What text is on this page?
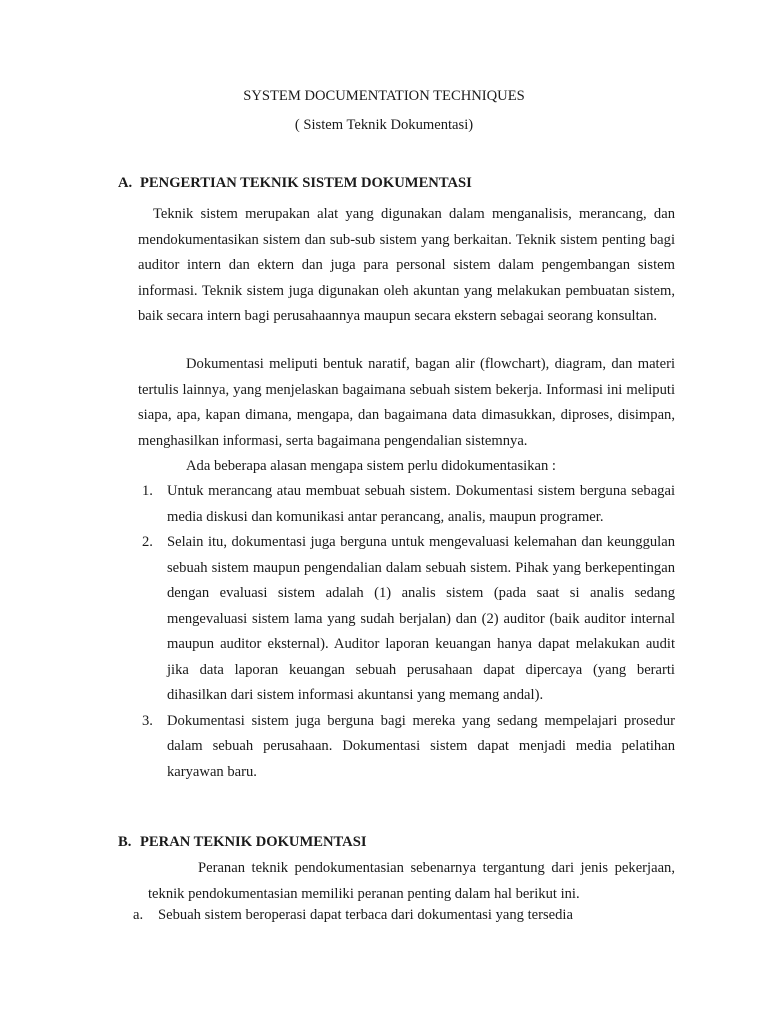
SYSTEM DOCUMENTATION TECHNIQUES
( Sistem Teknik Dokumentasi)
A. PENGERTIAN TEKNIK SISTEM DOKUMENTASI
Teknik sistem merupakan alat yang digunakan dalam menganalisis, merancang, dan mendokumentasikan sistem dan sub-sub sistem yang berkaitan. Teknik sistem penting bagi auditor intern dan ektern dan juga para personal sistem dalam pengembangan sistem informasi. Teknik sistem juga digunakan oleh akuntan yang melakukan pembuatan sistem, baik secara intern bagi perusahaannya maupun secara ekstern sebagai seorang konsultan.
Dokumentasi meliputi bentuk naratif, bagan alir (flowchart), diagram, dan materi tertulis lainnya, yang menjelaskan bagaimana sebuah sistem bekerja. Informasi ini meliputi siapa, apa, kapan dimana, mengapa, dan bagaimana data dimasukkan, diproses, disimpan, menghasilkan informasi, serta bagaimana pengendalian sistemnya.
Ada beberapa alasan mengapa sistem perlu didokumentasikan :
1. Untuk merancang atau membuat sebuah sistem. Dokumentasi sistem berguna sebagai media diskusi dan komunikasi antar perancang, analis, maupun programer.
2. Selain itu, dokumentasi juga berguna untuk mengevaluasi kelemahan dan keunggulan sebuah sistem maupun pengendalian dalam sebuah sistem. Pihak yang berkepentingan dengan evaluasi sistem adalah (1) analis sistem (pada saat si analis sedang mengevaluasi sistem lama yang sudah berjalan) dan (2) auditor (baik auditor internal maupun auditor eksternal). Auditor laporan keuangan hanya dapat melakukan audit jika data laporan keuangan sebuah perusahaan dapat dipercaya (yang berarti dihasilkan dari sistem informasi akuntansi yang memang andal).
3. Dokumentasi sistem juga berguna bagi mereka yang sedang mempelajari prosedur dalam sebuah perusahaan. Dokumentasi sistem dapat menjadi media pelatihan karyawan baru.
B. PERAN TEKNIK DOKUMENTASI
Peranan teknik pendokumentasian sebenarnya tergantung dari jenis pekerjaan, teknik pendokumentasian memiliki peranan penting dalam hal berikut ini.
a. Sebuah sistem beroperasi dapat terbaca dari dokumentasi yang tersedia
